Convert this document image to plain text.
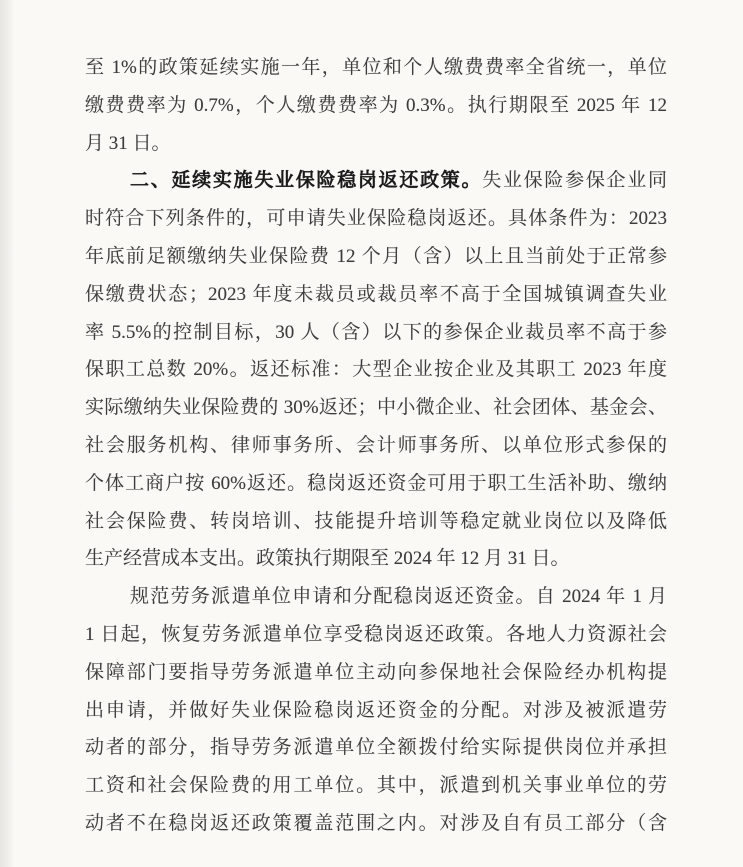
至 1%的政策延续实施一年，单位和个人缴费费率全省统一，单位
缴费费率为 0.7%，个人缴费费率为 0.3%。执行期限至 2025 年 12
月 31 日。
二、延续实施失业保险稳岗返还政策。失业保险参保企业同
时符合下列条件的，可申请失业保险稳岗返还。具体条件为：2023
年底前足额缴纳失业保险费 12 个月（含）以上且当前处于正常参
保缴费状态；2023 年度未裁员或裁员率不高于全国城镇调查失业
率 5.5%的控制目标，30 人（含）以下的参保企业裁员率不高于参
保职工总数 20%。返还标准：大型企业按企业及其职工 2023 年度
实际缴纳失业保险费的 30%返还；中小微企业、社会团体、基金会、
社会服务机构、律师事务所、会计师事务所、以单位形式参保的
个体工商户按 60%返还。稳岗返还资金可用于职工生活补助、缴纳
社会保险费、转岗培训、技能提升培训等稳定就业岗位以及降低
生产经营成本支出。政策执行期限至 2024 年 12 月 31 日。
规范劳务派遣单位申请和分配稳岗返还资金。自 2024 年 1 月
1 日起，恢复劳务派遣单位享受稳岗返还政策。各地人力资源社会
保障部门要指导劳务派遣单位主动向参保地社会保险经办机构提
出申请，并做好失业保险稳岗返还资金的分配。对涉及被派遣劳
动者的部分，指导劳务派遣单位全额拨付给实际提供岗位并承担
工资和社会保险费的用工单位。其中，派遣到机关事业单位的劳
动者不在稳岗返还政策覆盖范围之内。对涉及自有员工部分（含
